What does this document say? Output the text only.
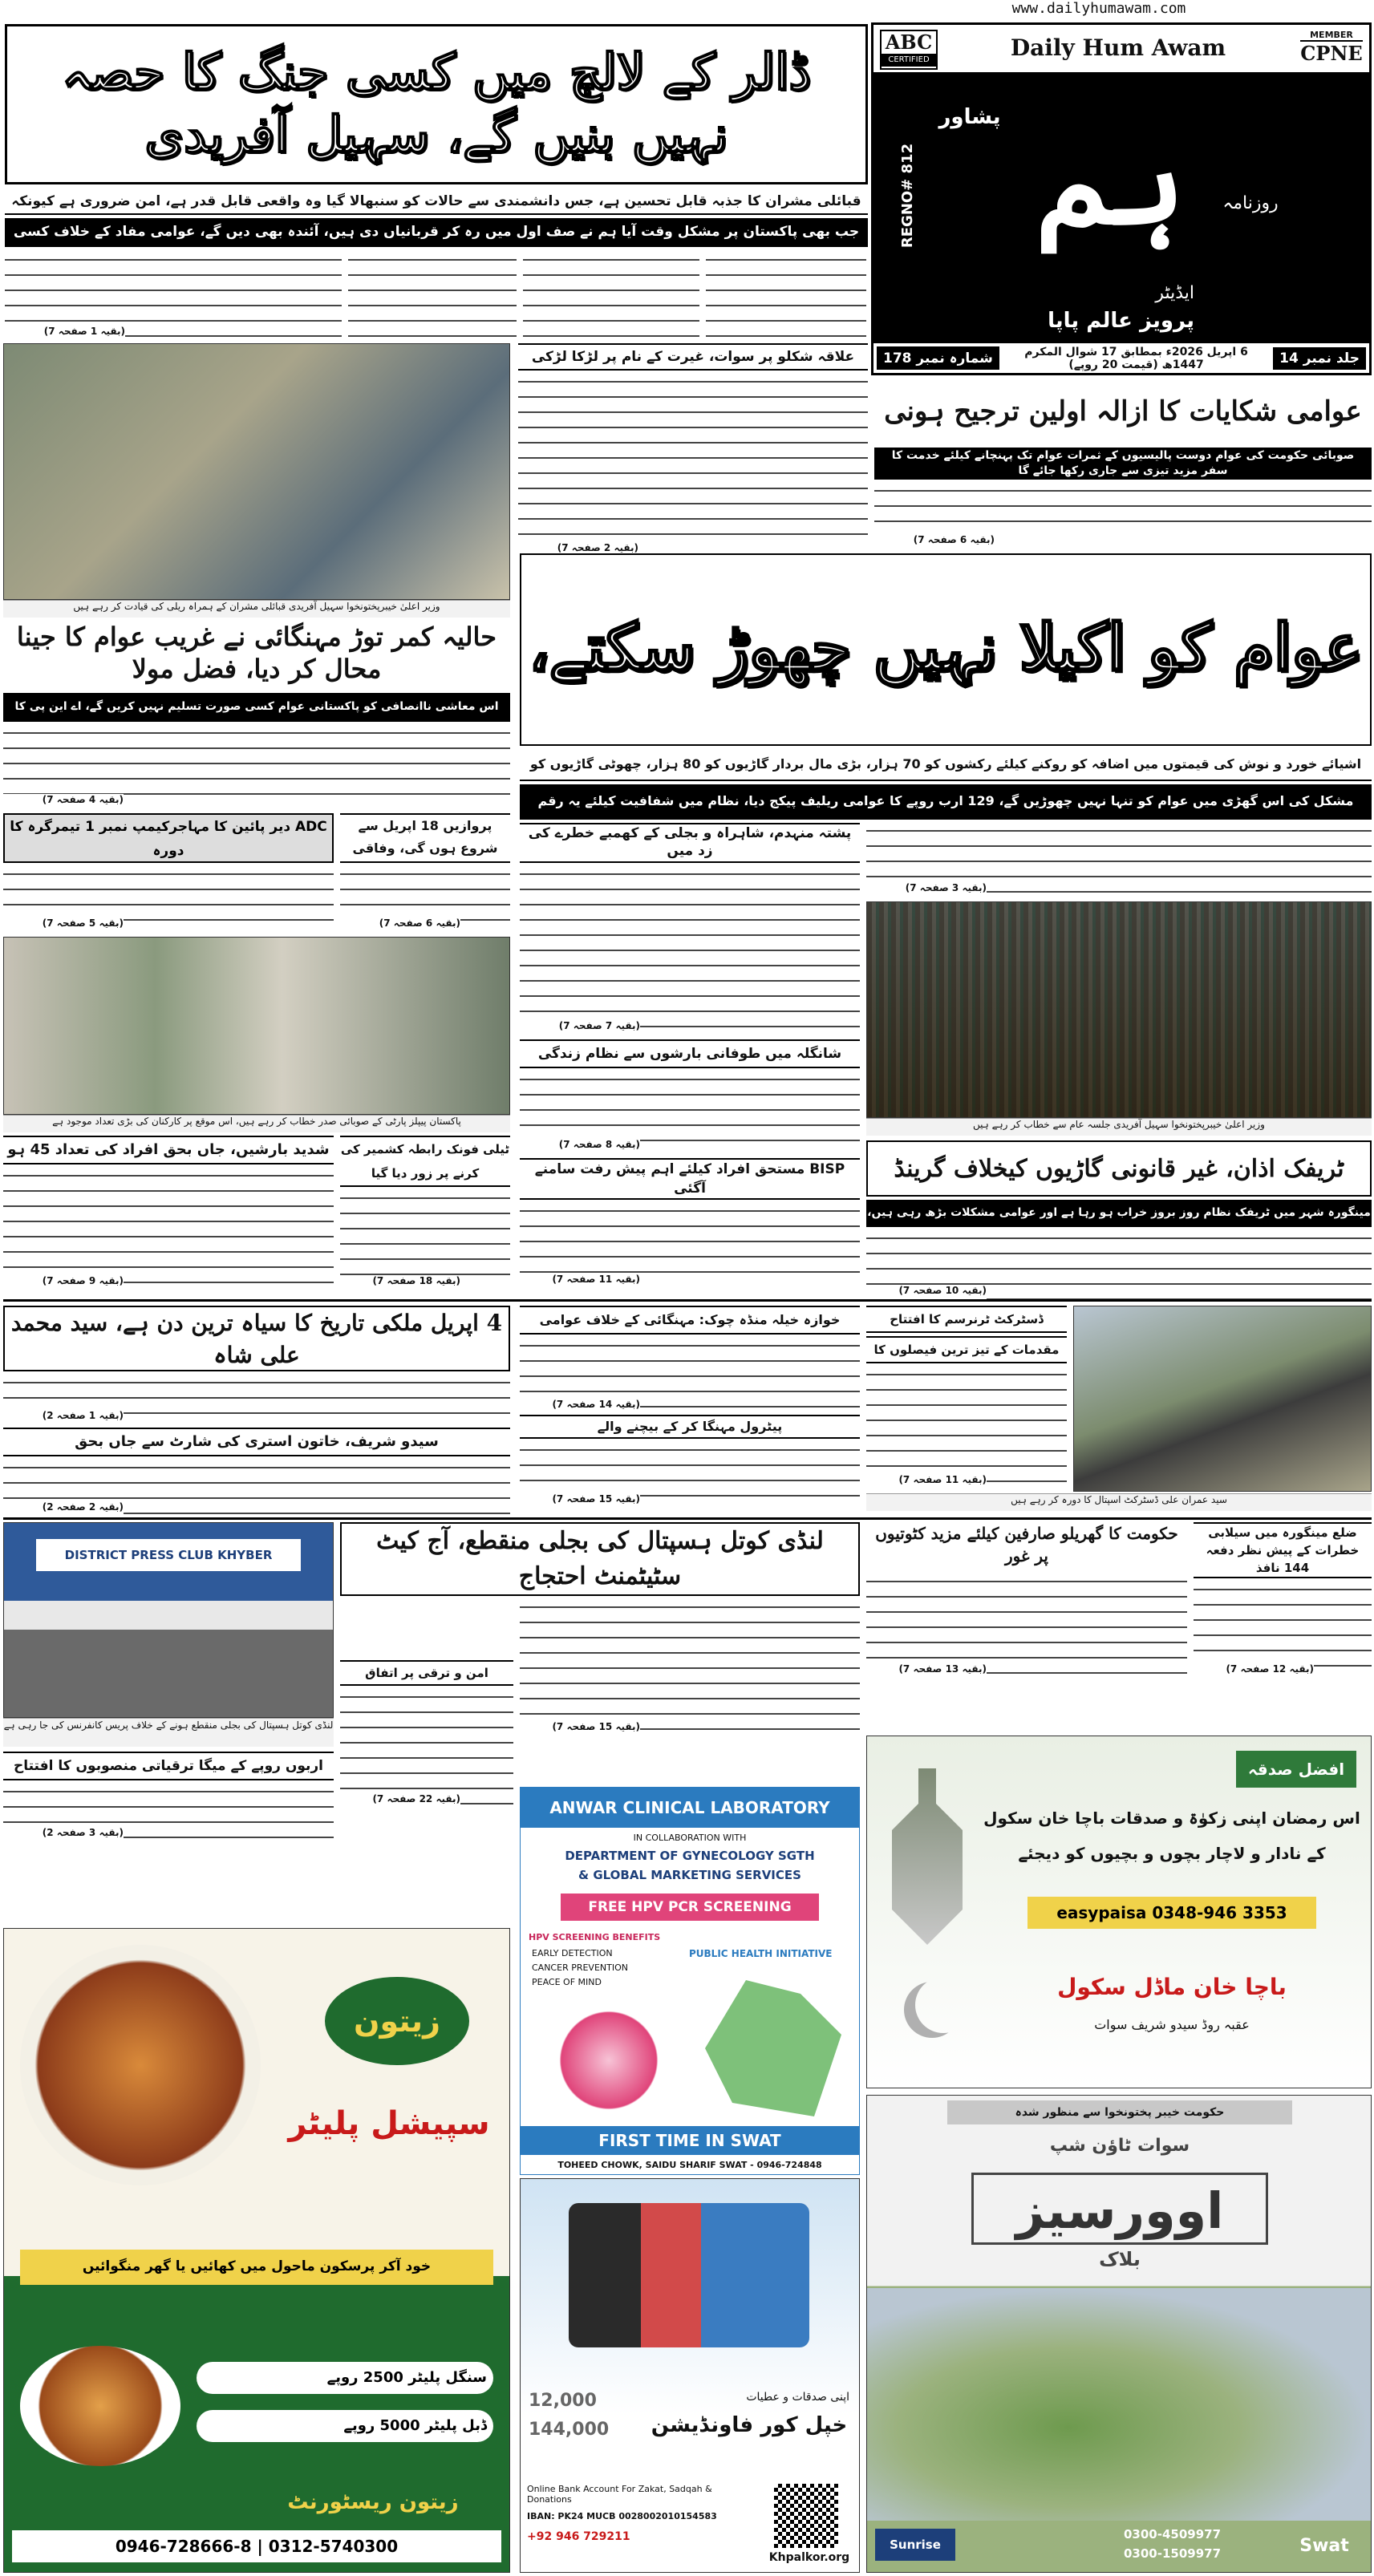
www.dailyhumawam.com
ڈالر کے لالچ میں کسی جنگ کا حصہ نہیں بنیں گے، سہیل آفریدی
ABC
CERTIFIED	Daily Hum Awam	MEMBER
CPNE
ہم	روزنامہ
پشاور
REGNO# 812
ایڈیٹر
پرویز عالم پاپا
جلد نمبر 14
6 اپریل 2026ء بمطابق 17 شوال المکرم 1447ھ (قیمت 20 روپے)
شمارہ نمبر 178
قبائلی مشران کا جذبہ قابل تحسین ہے، جس دانشمندی سے حالات کو سنبھالا گیا وہ واقعی قابل قدر ہے، امن ضروری ہے کیونکہ
جب بھی پاکستان پر مشکل وقت آیا ہم نے صف اول میں رہ کر قربانیاں دی ہیں، آئندہ بھی دیں گے، عوامی مفاد کے خلاف کسی
(بقیہ 1 صفحہ 7)
وزیر اعلیٰ خیبرپختونخوا سہیل آفریدی قبائلی مشران کے ہمراہ ریلی کی قیادت کر رہے ہیں
علاقہ شکلو پر سوات، غیرت کے نام پر لڑکا لڑکی
(بقیہ 2 صفحہ 7)
عوامی شکایات کا ازالہ اولین ترجیح ہونی
صوبائی حکومت کی عوام دوست پالیسیوں کے ثمرات عوام تک پہنچانے کیلئے خدمت کا سفر مزید تیزی سے جاری رکھا جائے گا
(بقیہ 6 صفحہ 7)
عوام کو اکیلا نہیں چھوڑ سکتے،
اشیائے خورد و نوش کی قیمتوں میں اضافہ کو روکنے کیلئے رکشوں کو 70 ہزار، بڑی مال بردار گاڑیوں کو 80 ہزار، چھوٹی گاڑیوں کو
مشکل کی اس گھڑی میں عوام کو تنہا نہیں چھوڑیں گے، 129 ارب روپے کا عوامی ریلیف پیکج دیا، نظام میں شفافیت کیلئے یہ رقم
(بقیہ 3 صفحہ 7)
حالیہ کمر توڑ مہنگائی نے غریب عوام کا جینا محال کر دیا، فضل مولا
اس معاشی ناانصافی کو پاکستانی عوام کسی صورت تسلیم نہیں کریں گے، اے این پی کا
(بقیہ 4 صفحہ 7)
پشتہ منہدم، شاہراہ و بجلی کے کھمبے خطرے کی زد میں
(بقیہ 7 صفحہ 7)
شانگلہ میں طوفانی بارشوں سے نظام زندگی
(بقیہ 8 صفحہ 7)
ADC دیر پائین کا مہاجرکیمپ نمبر 1 تیمرگرہ کا دورہ
(بقیہ 5 صفحہ 7)
پروازیں 18 اپریل سے شروع ہوں گی، وفاقی
(بقیہ 6 صفحہ 7)
پاکستان پیپلز پارٹی کے صوبائی صدر خطاب کر رہے ہیں، اس موقع پر کارکنان کی بڑی تعداد موجود ہے	وزیر اعلیٰ خیبرپختونخوا سہیل آفریدی جلسہ عام سے خطاب کر رہے ہیں
ٹریفک اذان، غیر قانونی گاڑیوں کیخلاف گرینڈ
مینگورہ شہر میں ٹریفک نظام روز بروز خراب ہو رہا ہے اور عوامی مشکلات بڑھ رہی ہیں،
(بقیہ 10 صفحہ 7)
شدید بارشیں، جاں بحق افراد کی تعداد 45 ہو
(بقیہ 9 صفحہ 7)
ٹیلی فونک رابطہ کشمیر کی کرنے پر زور دیا گیا
(بقیہ 18 صفحہ 7)
BISP مستحق افراد کیلئے اہم پیش رفت سامنے آگئی
(بقیہ 11 صفحہ 7)
4 اپریل ملکی تاریخ کا سیاہ ترین دن ہے، سید محمد علی شاہ
(بقیہ 1 صفحہ 2)
سیدو شریف، خاتون استری کی شارٹ سے جاں بحق
(بقیہ 2 صفحہ 2)
خوازہ خیلہ منڈہ چوک: مہنگائی کے خلاف عوامی
(بقیہ 14 صفحہ 7)
پیٹرول مہنگا کر کے بیچنے والے
(بقیہ 15 صفحہ 7)
ڈسٹرکٹ ٹرنرسم کا افتتاح
مقدمات کے تیز ترین فیصلوں کا
(بقیہ 11 صفحہ 7)
سید عمران علی ڈسٹرکٹ اسپتال کا دورہ کر رہے ہیں
DISTRICT PRESS CLUB KHYBER
لنڈی کوتل ہسپتال کی بجلی منقطع ہونے کے خلاف پریس کانفرنس کی جا رہی ہے
لنڈی کوتل ہسپتال کی بجلی منقطع، آج کیٹ سٹیٹمنٹ احتجاج
(بقیہ 15 صفحہ 7)
امن و ترقی پر اتفاق
(بقیہ 22 صفحہ 7)
حکومت کا گھریلو صارفین کیلئے مزید کٹوتیوں پر غور
(بقیہ 13 صفحہ 7)
ضلع مینگورہ میں سیلابی خطرات کے پیش نظر دفعہ 144 نافذ
(بقیہ 12 صفحہ 7)
اربوں روپے کے میگا ترقیاتی منصوبوں کا افتتاح
(بقیہ 3 صفحہ 2)
زیتون
سپیشل پلیٹر
خود آکر پرسکون ماحول میں کھائیں یا گھر منگوائیں
سنگل پلیٹر 2500 روپے
ڈبل پلیٹر 5000 روپے
زیتون ریسٹورنٹ
0946-728666-8 | 0312-5740300
ANWAR CLINICAL LABORATORY
IN COLLABORATION WITH
DEPARTMENT OF GYNECOLOGY SGTH
& GLOBAL MARKETING SERVICES
FREE HPV PCR SCREENING
HPV SCREENING BENEFITS
EARLY DETECTION
CANCER PREVENTION
PEACE OF MIND
PUBLIC HEALTH INITIATIVE
FIRST TIME IN SWAT
TOHEED CHOWK, SAIDU SHARIF SWAT - 0946-724848
12,000
144,000
اپنی صدقات و عطیات
خپل کور فاونڈیشن
Online Bank Account For Zakat, Sadqah & Donations
IBAN: PK24 MUCB 0028002010154583
+92 946 729211
Khpalkor.org
افضل صدقہ
اس رمضان اپنی زکوٰۃ و صدقات باچا خان سکول
کے نادار و لاچار بچوں و بچیوں کو دیجئے
easypaisa 0348-946 3353
باچا خان ماڈل سکول
عقبہ روڈ سیدو شریف سوات
حکومت خیبر پختونخوا سے منظور شدہ
سوات ٹاؤن شپ
اوورسیز
بلاک
Sunrise
0300-4509977
0300-1509977	Swat
